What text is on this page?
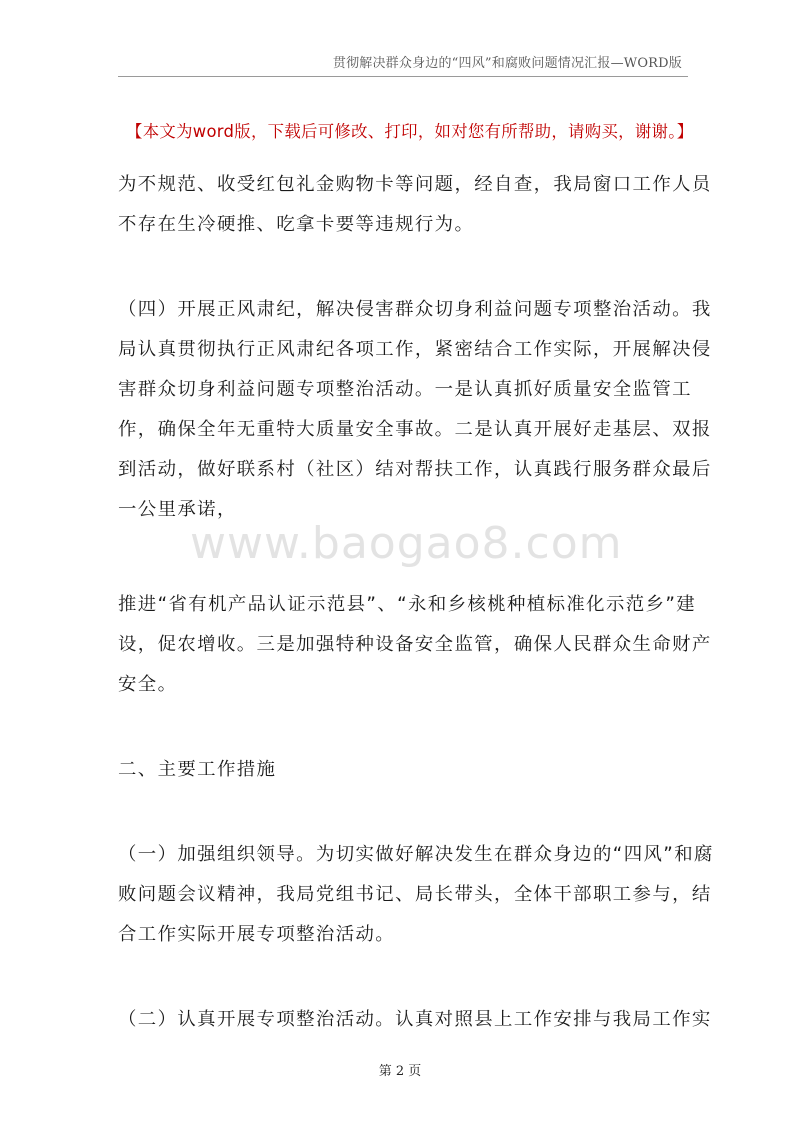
贯彻解决群众身边的“四风”和腐败问题情况汇报—WORD版
【本文为word版，下载后可修改、打印，如对您有所帮助，请购买，谢谢。】
为不规范、收受红包礼金购物卡等问题，经自查，我局窗口工作人员
不存在生冷硬推、吃拿卡要等违规行为。
（四）开展正风肃纪，解决侵害群众切身利益问题专项整治活动。我
局认真贯彻执行正风肃纪各项工作，紧密结合工作实际，开展解决侵
害群众切身利益问题专项整治活动。一是认真抓好质量安全监管工
作，确保全年无重特大质量安全事故。二是认真开展好走基层、双报
到活动，做好联系村（社区）结对帮扶工作，认真践行服务群众最后
一公里承诺，
www.baogao8.com
推进“省有机产品认证示范县”、“永和乡核桃种植标准化示范乡”建
设，促农增收。三是加强特种设备安全监管，确保人民群众生命财产
安全。
二、主要工作措施
（一）加强组织领导。为切实做好解决发生在群众身边的“四风”和腐
败问题会议精神，我局党组书记、局长带头，全体干部职工参与，结
合工作实际开展专项整治活动。
（二）认真开展专项整治活动。认真对照县上工作安排与我局工作实
第 2 页
